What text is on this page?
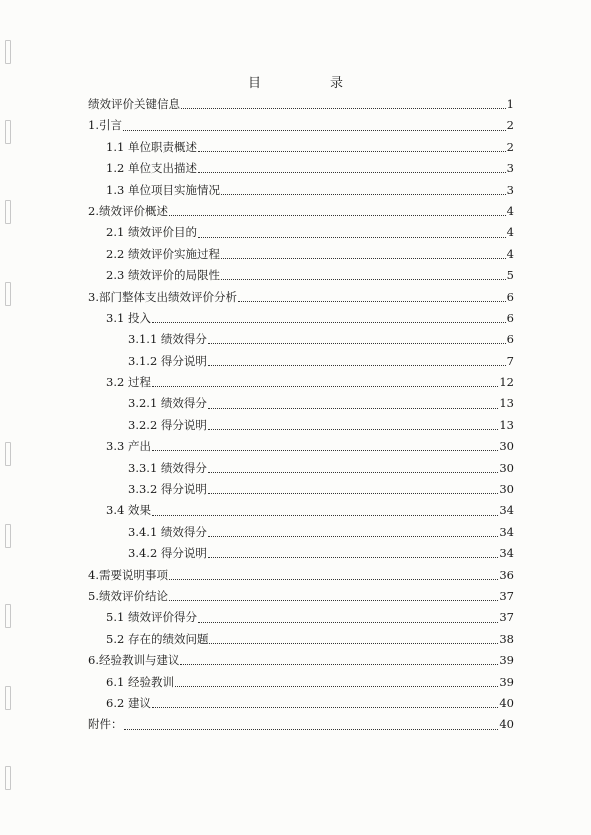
目　录
绩效评价关键信息	1
1.引言	2
1.1 单位职责概述	2
1.2 单位支出描述	3
1.3 单位项目实施情况	3
2.绩效评价概述	4
2.1 绩效评价目的	4
2.2 绩效评价实施过程	4
2.3 绩效评价的局限性	5
3.部门整体支出绩效评价分析	6
3.1 投入	6
3.1.1 绩效得分	6
3.1.2 得分说明	7
3.2 过程	12
3.2.1 绩效得分	13
3.2.2 得分说明	13
3.3 产出	30
3.3.1 绩效得分	30
3.3.2 得分说明	30
3.4 效果	34
3.4.1 绩效得分	34
3.4.2 得分说明	34
4.需要说明事项	36
5.绩效评价结论	37
5.1 绩效评价得分	37
5.2 存在的绩效问题	38
6.经验教训与建议	39
6.1 经验教训	39
6.2 建议	40
附件：	40
